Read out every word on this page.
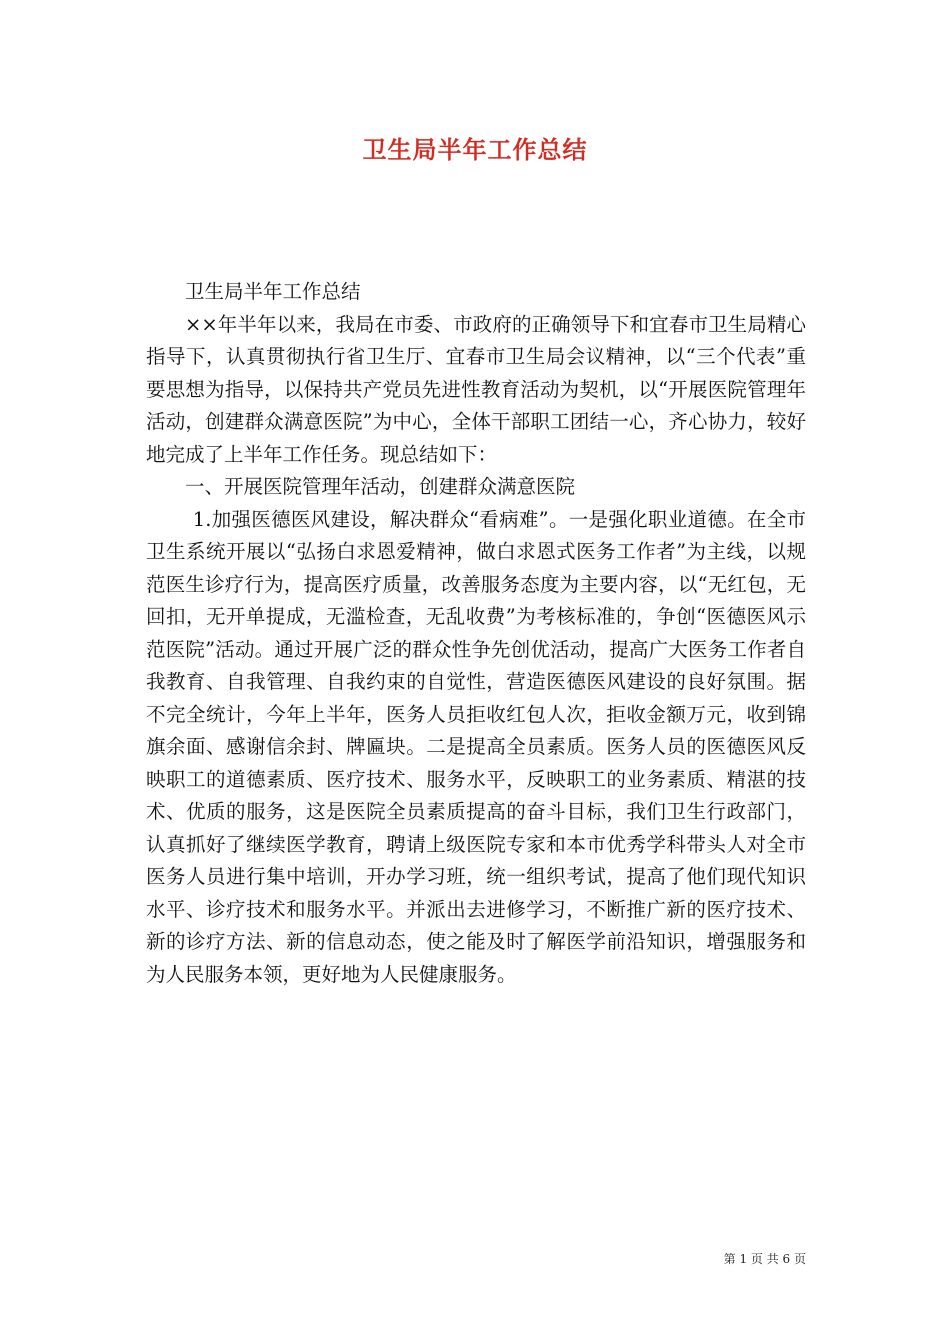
卫生局半年工作总结

卫生局半年工作总结

××年半年以来，我局在市委、市政府的正确领导下和宜春市卫生局精心指导下，认真贯彻执行省卫生厅、宜春市卫生局会议精神，以“三个代表”重要思想为指导，以保持共产党员先进性教育活动为契机，以“开展医院管理年活动，创建群众满意医院”为中心，全体干部职工团结一心，齐心协力，较好地完成了上半年工作任务。现总结如下：

一、开展医院管理年活动，创建群众满意医院

1.加强医德医风建设，解决群众“看病难”。一是强化职业道德。在全市卫生系统开展以“弘扬白求恩爱精神，做白求恩式医务工作者”为主线，以规范医生诊疗行为，提高医疗质量，改善服务态度为主要内容，以“无红包，无回扣，无开单提成，无滥检查，无乱收费”为考核标准的，争创“医德医风示范医院”活动。通过开展广泛的群众性争先创优活动，提高广大医务工作者自我教育、自我管理、自我约束的自觉性，营造医德医风建设的良好氛围。据不完全统计，今年上半年，医务人员拒收红包人次，拒收金额万元，收到锦旗余面、感谢信余封、牌匾块。二是提高全员素质。医务人员的医德医风反映职工的道德素质、医疗技术、服务水平，反映职工的业务素质、精湛的技术、优质的服务，这是医院全员素质提高的奋斗目标，我们卫生行政部门，认真抓好了继续医学教育，聘请上级医院专家和本市优秀学科带头人对全市医务人员进行集中培训，开办学习班，统一组织考试，提高了他们现代知识水平、诊疗技术和服务水平。并派出去进修学习，不断推广新的医疗技术、新的诊疗方法、新的信息动态，使之能及时了解医学前沿知识，增强服务和为人民服务本领，更好地为人民健康服务。

第 1 页 共 6 页
